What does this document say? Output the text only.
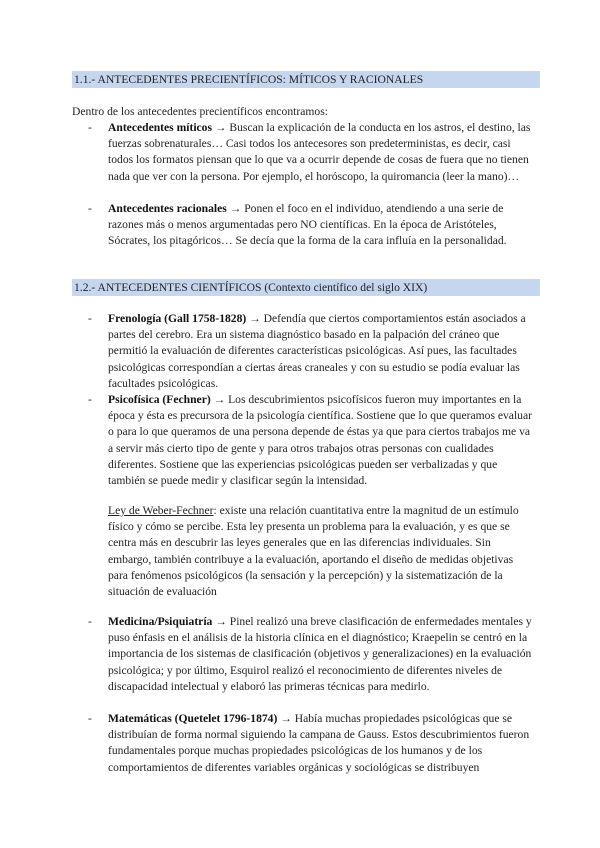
1.1.- ANTECEDENTES PRECIENTÍFICOS: MÍTICOS Y RACIONALES
Dentro de los antecedentes precientíficos encontramos:
- Antecedentes míticos → Buscan la explicación de la conducta en los astros, el destino, las fuerzas sobrenaturales… Casi todos los antecesores son predeterministas, es decir, casi todos los formatos piensan que lo que va a ocurrir depende de cosas de fuera que no tienen nada que ver con la persona. Por ejemplo, el horóscopo, la quiromancia (leer la mano)…
- Antecedentes racionales → Ponen el foco en el individuo, atendiendo a una serie de razones más o menos argumentadas pero NO científicas. En la época de Aristóteles, Sócrates, los pitagóricos… Se decía que la forma de la cara influía en la personalidad.
1.2.- ANTECEDENTES CIENTÍFICOS (Contexto científico del siglo XIX)
- Frenología (Gall 1758-1828) → Defendía que ciertos comportamientos están asociados a partes del cerebro. Era un sistema diagnóstico basado en la palpación del cráneo que permitió la evaluación de diferentes características psicológicas. Así pues, las facultades psicológicas correspondían a ciertas áreas craneales y con su estudio se podía evaluar las facultades psicológicas.
- Psicofísica (Fechner) → Los descubrimientos psicofísicos fueron muy importantes en la época y ésta es precursora de la psicología científica. Sostiene que lo que queramos evaluar o para lo que queramos de una persona depende de éstas ya que para ciertos trabajos me va a servir más cierto tipo de gente y para otros trabajos otras personas con cualidades diferentes. Sostiene que las experiencias psicológicas pueden ser verbalizadas y que también se puede medir y clasificar según la intensidad.
Ley de Weber-Fechner: existe una relación cuantitativa entre la magnitud de un estímulo físico y cómo se percibe. Esta ley presenta un problema para la evaluación, y es que se centra más en descubrir las leyes generales que en las diferencias individuales. Sin embargo, también contribuye a la evaluación, aportando el diseño de medidas objetivas para fenómenos psicológicos (la sensación y la percepción) y la sistematización de la situación de evaluación
- Medicina/Psiquiatría → Pinel realizó una breve clasificación de enfermedades mentales y puso énfasis en el análisis de la historia clínica en el diagnóstico; Kraepelin se centró en la importancia de los sistemas de clasificación (objetivos y generalizaciones) en la evaluación psicológica; y por último, Esquirol realizó el reconocimiento de diferentes niveles de discapacidad intelectual y elaboró las primeras técnicas para medirlo.
- Matemáticas (Quetelet 1796-1874) → Había muchas propiedades psicológicas que se distribuían de forma normal siguiendo la campana de Gauss. Estos descubrimientos fueron fundamentales porque muchas propiedades psicológicas de los humanos y de los comportamientos de diferentes variables orgánicas y sociológicas se distribuyen
